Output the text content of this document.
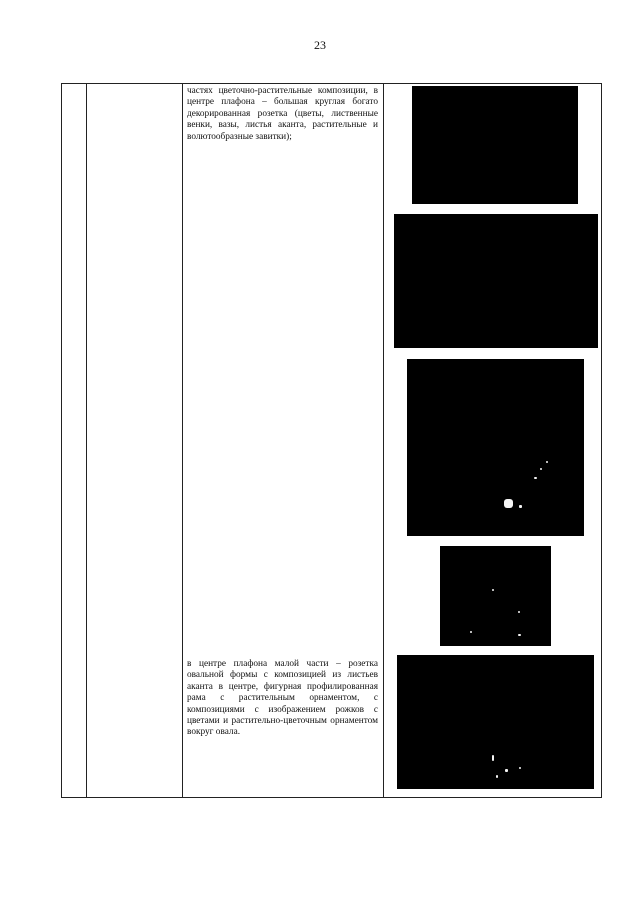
23
частях цветочно-растительные композиции, в центре плафона – большая круглая богато декорированная розетка (цветы, лиственные венки, вазы, листья аканта, растительные и волютообразные завитки);
в центре плафона малой части – розетка овальной формы с композицией из листьев аканта в центре, фигурная профилированная рама с растительным орнаментом, с композициями с изображением рожков с цветами и растительно-цветочным орнаментом вокруг овала.
